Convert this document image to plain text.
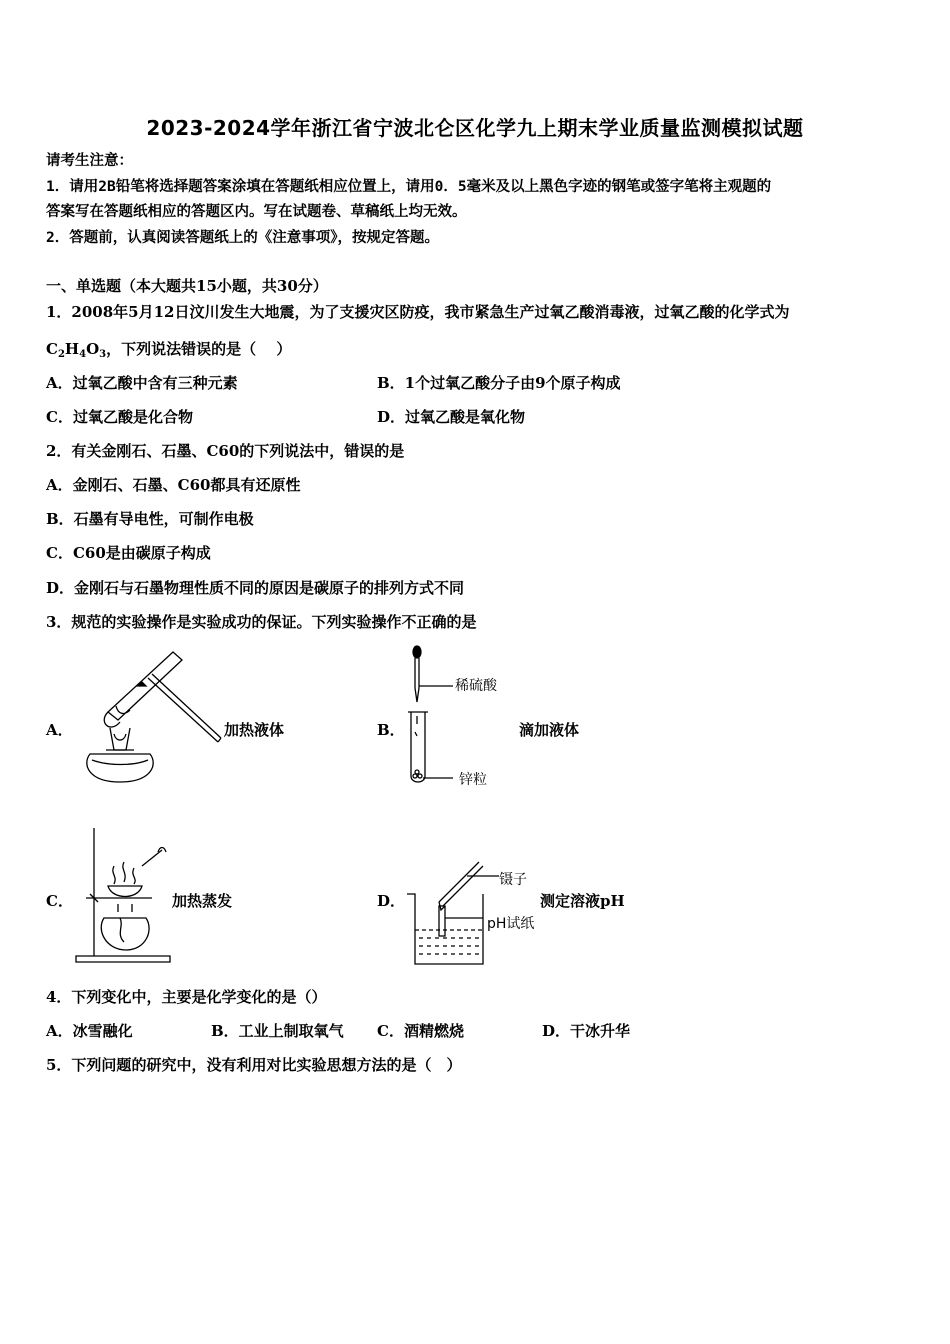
2023-2024学年浙江省宁波北仑区化学九上期末学业质量监测模拟试题
请考生注意：
1．请用2B铅笔将选择题答案涂填在答题纸相应位置上，请用0．5毫米及以上黑色字迹的钢笔或签字笔将主观题的
答案写在答题纸相应的答题区内。写在试题卷、草稿纸上均无效。
2．答题前，认真阅读答题纸上的《注意事项》，按规定答题。
一、单选题（本大题共15小题，共30分）
1．2008年5月12日汶川发生大地震，为了支援灾区防疫，我市紧急生产过氧乙酸消毒液，过氧乙酸的化学式为
$C_2H_4O_3$，下列说法错误的是（　 ）
A．过氧乙酸中含有三种元素	B．1个过氧乙酸分子由9个原子构成
C．过氧乙酸是化合物	D．过氧乙酸是氧化物
2．有关金刚石、石墨、C60的下列说法中，错误的是
A．金刚石、石墨、C60都具有还原性
B．石墨有导电性，可制作电极
C．C60是由碳原子构成
D．金刚石与石墨物理性质不同的原因是碳原子的排列方式不同
3．规范的实验操作是实验成功的保证。下列实验操作不正确的是
A．	加热液体	B．
稀硫酸
锌粒
滴加液体
C．	加热蒸发	D．
镊子
pH试纸
测定溶液pH
4．下列变化中，主要是化学变化的是（）
A．冰雪融化	B．工业上制取氧气 C．酒精燃烧	D．干冰升华
5．下列问题的研究中，没有利用对比实验思想方法的是（　）
